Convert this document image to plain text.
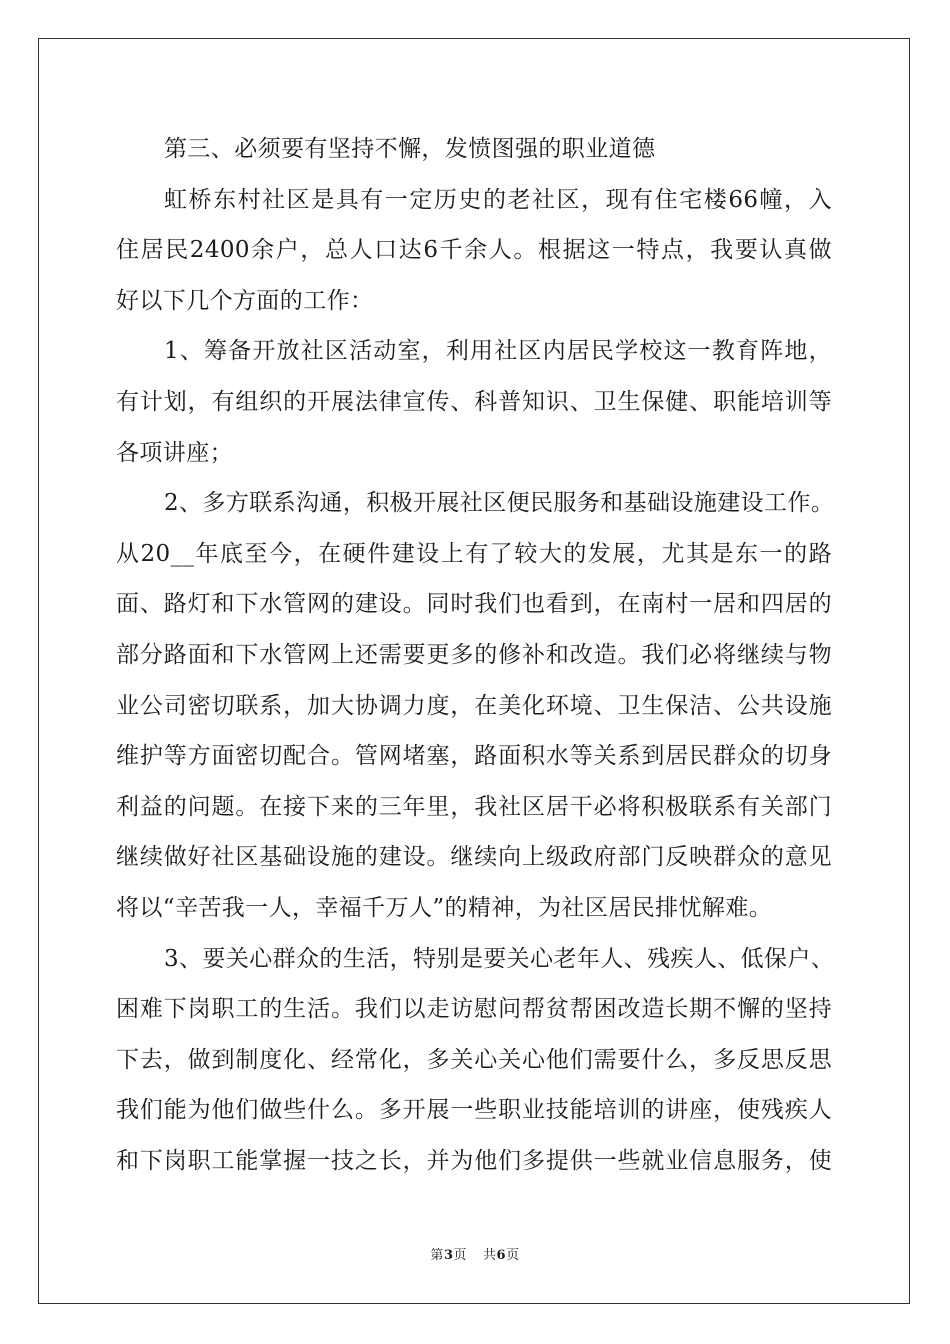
第三、必须要有坚持不懈，发愤图强的职业道德
虹桥东村社区是具有一定历史的老社区，现有住宅楼66幢，入
住居民2400余户，总人口达6千余人。根据这一特点，我要认真做
好以下几个方面的工作：
1、筹备开放社区活动室，利用社区内居民学校这一教育阵地，
有计划，有组织的开展法律宣传、科普知识、卫生保健、职能培训等
各项讲座；
2、多方联系沟通，积极开展社区便民服务和基础设施建设工作。
从20__年底至今，在硬件建设上有了较大的发展，尤其是东一的路
面、路灯和下水管网的建设。同时我们也看到，在南村一居和四居的
部分路面和下水管网上还需要更多的修补和改造。我们必将继续与物
业公司密切联系，加大协调力度，在美化环境、卫生保洁、公共设施
维护等方面密切配合。管网堵塞，路面积水等关系到居民群众的切身
利益的问题。在接下来的三年里，我社区居干必将积极联系有关部门
继续做好社区基础设施的建设。继续向上级政府部门反映群众的意见
将以“辛苦我一人，幸福千万人”的精神，为社区居民排忧解难。
3、要关心群众的生活，特别是要关心老年人、残疾人、低保户、
困难下岗职工的生活。我们以走访慰问帮贫帮困改造长期不懈的坚持
下去，做到制度化、经常化，多关心关心他们需要什么，多反思反思
我们能为他们做些什么。多开展一些职业技能培训的讲座，使残疾人
和下岗职工能掌握一技之长，并为他们多提供一些就业信息服务，使
第3页 共6页
